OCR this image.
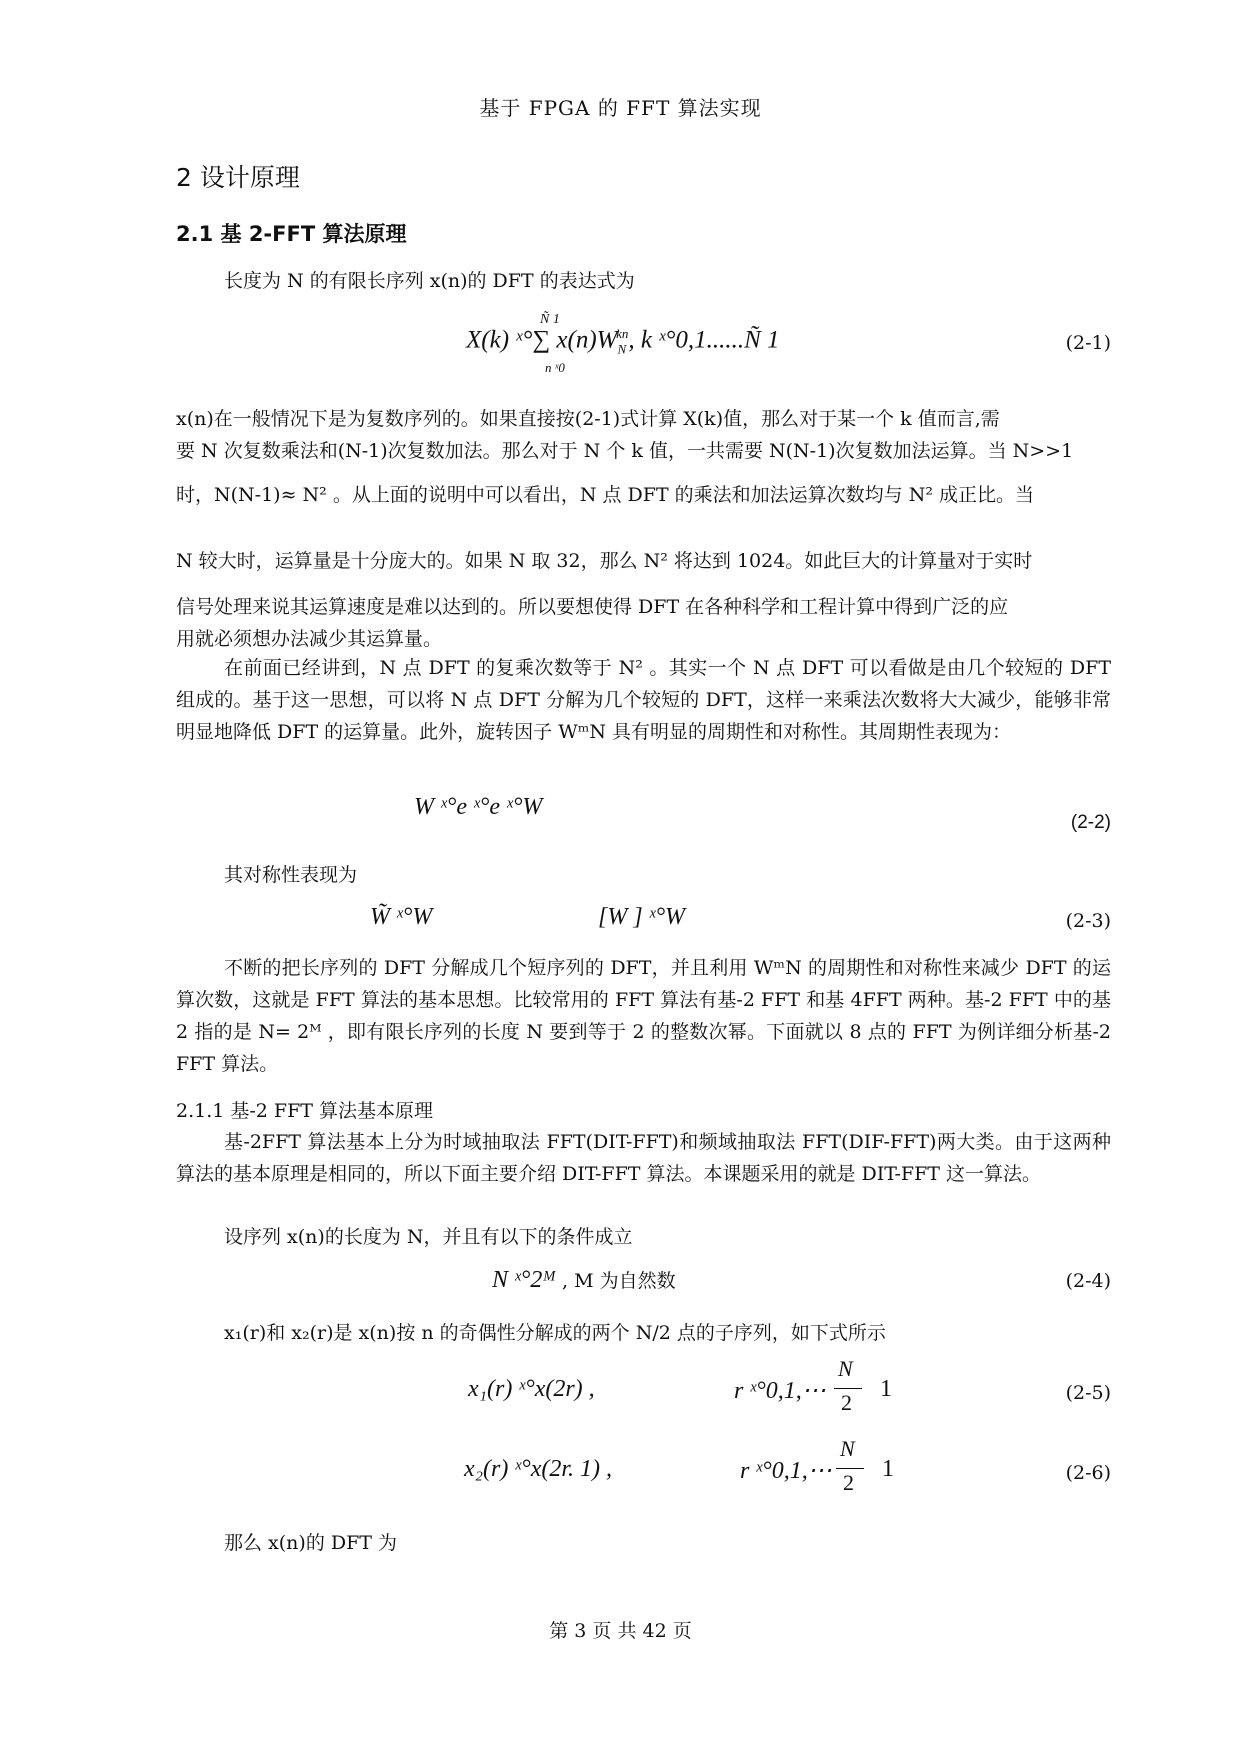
基于 FPGA 的 FFT 算法实现
2 设计原理
2.1 基 2-FFT 算法原理
长度为 N 的有限长序列 x(n)的 DFT 的表达式为
Ñ 1
n ˣ0
X(k) ˣ°∑ $x(n)W_N^{kn}$, k ˣ°0,1......Ñ 1	(2-1)
x(n)在一般情况下是为复数序列的。如果直接按(2-1)式计算 X(k)值，那么对于某一个 k 值而言,需
要 N 次复数乘法和(N-1)次复数加法。那么对于 N 个 k 值，一共需要 N(N-1)次复数加法运算。当 N>>1
时，N(N-1)≈ N² 。从上面的说明中可以看出，N 点 DFT 的乘法和加法运算次数均与 N² 成正比。当
N 较大时，运算量是十分庞大的。如果 N 取 32，那么 N² 将达到 1024。如此巨大的计算量对于实时
信号处理来说其运算速度是难以达到的。所以要想使得 DFT 在各种科学和工程计算中得到广泛的应
用就必须想办法减少其运算量。
在前面已经讲到，N 点 DFT 的复乘次数等于 N² 。其实一个 N 点 DFT 可以看做是由几个较短的 DFT 组成的。基于这一思想，可以将 N 点 DFT 分解为几个较短的 DFT，这样一来乘法次数将大大减少，能够非常明显地降低 DFT 的运算量。此外，旋转因子 WᵐN 具有明显的周期性和对称性。其周期性表现为：
W ˣ°e ˣ°e ˣ°W
(2-2)
其对称性表现为
W̃ ˣ°W	[W ] ˣ°W	(2-3)
不断的把长序列的 DFT 分解成几个短序列的 DFT，并且利用 WᵐN 的周期性和对称性来减少 DFT 的运算次数，这就是 FFT 算法的基本思想。比较常用的 FFT 算法有基-2 FFT 和基 4FFT 两种。基-2 FFT 中的基 2 指的是 N= 2ᴹ ，即有限长序列的长度 N 要到等于 2 的整数次幂。下面就以 8 点的 FFT 为例详细分析基-2 FFT 算法。
2.1.1 基-2 FFT 算法基本原理
基-2FFT 算法基本上分为时域抽取法 FFT(DIT-FFT)和频域抽取法 FFT(DIF-FFT)两大类。由于这两种算法的基本原理是相同的，所以下面主要介绍 DIT-FFT 算法。本课题采用的就是 DIT-FFT 这一算法。
设序列 x(n)的长度为 N，并且有以下的条件成立
N ˣ°2ᴹ , M 为自然数	(2-4)
x₁(r)和 x₂(r)是 x(n)按 n 的奇偶性分解成的两个 N/2 点的子序列，如下式所示
x₁(r) ˣ°x(2r) ,	r ˣ°0,1,⋯
N
2
1	(2-5)
x₂(r) ˣ°x(2r. 1) ,	r ˣ°0,1,⋯
N
2
1	(2-6)
那么 x(n)的 DFT 为
第 3 页 共 42 页
